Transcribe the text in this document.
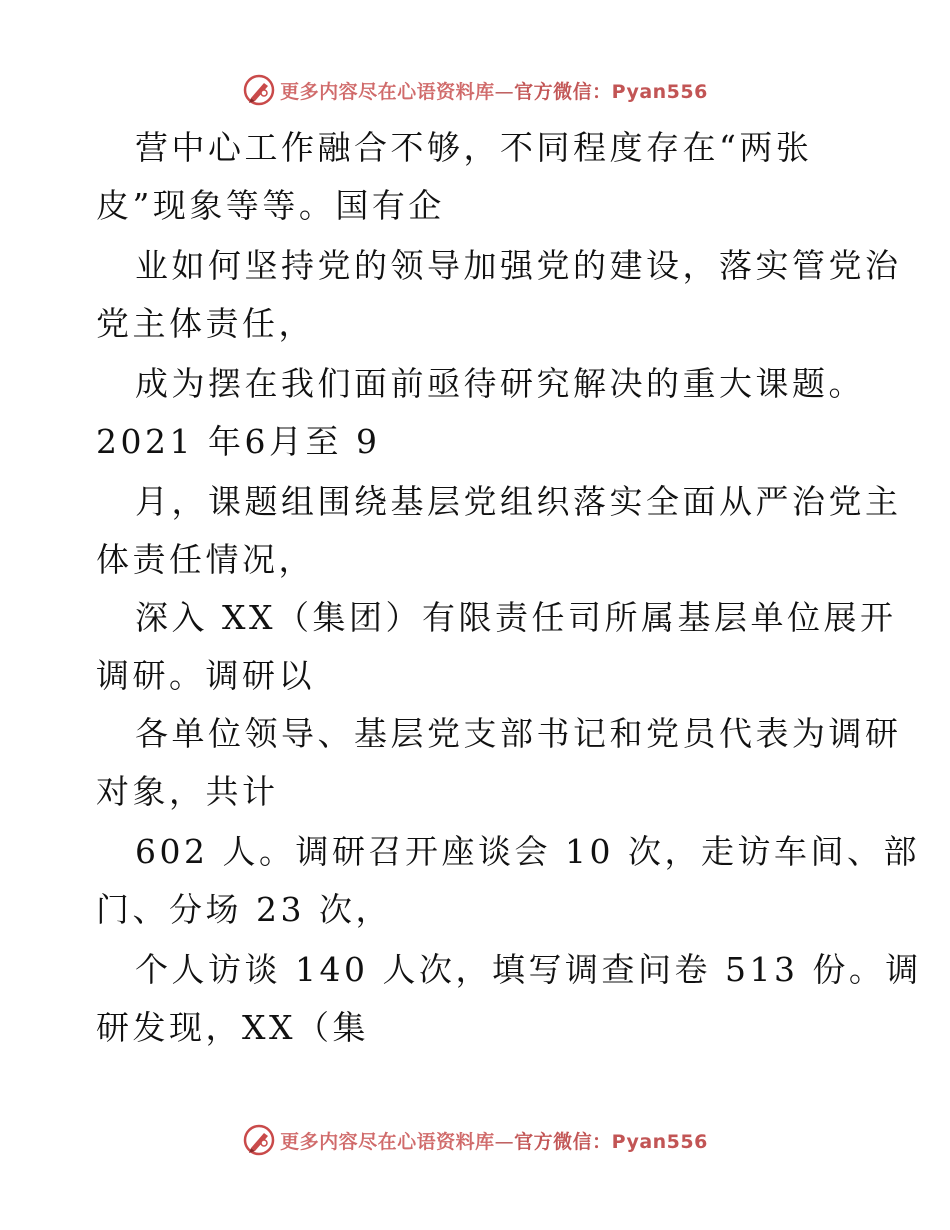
更多内容尽在心语资料库—官方微信：Pyan556
营中心工作融合不够，不同程度存在“两张
皮”现象等等。国有企
业如何坚持党的领导加强党的建设，落实管党治
党主体责任，
成为摆在我们面前亟待研究解决的重大课题。
2021 年6月至 9
月，课题组围绕基层党组织落实全面从严治党主
体责任情况，
深入 XX（集团）有限责任司所属基层单位展开
调研。调研以
各单位领导、基层党支部书记和党员代表为调研
对象，共计
602 人。调研召开座谈会 10 次，走访车间、部
门、分场 23 次，
个人访谈 140 人次，填写调查问卷 513 份。调
研发现，XX（集
更多内容尽在心语资料库—官方微信：Pyan556
